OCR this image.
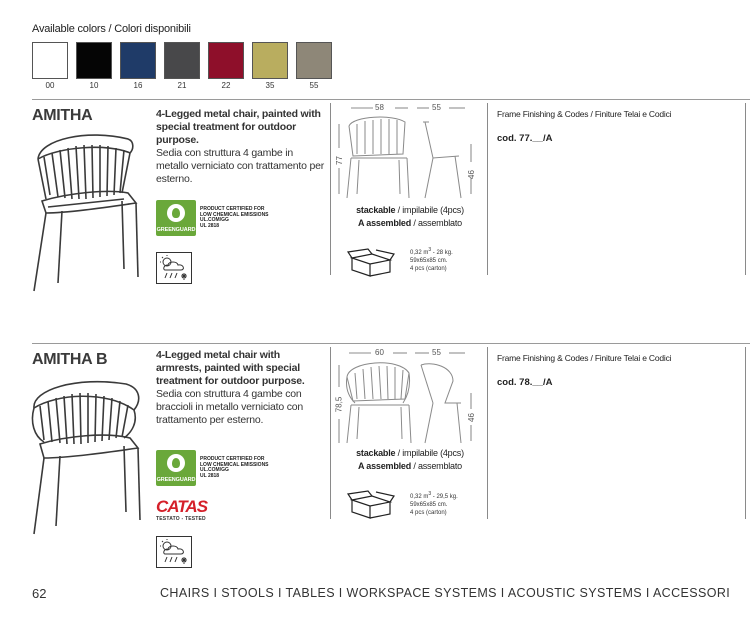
Available colors / Colori disponibili
00	10	16	21	22	35	55
AMITHA	4-Legged metal chair, painted with special treatment for outdoor purpose.
Sedia con struttura 4 gambe in metallo verniciato con trattamento per esterno.
GREENGUARD
PRODUCT CERTIFIED FOR
LOW CHEMICAL EMISSIONS
UL.COM/GG
UL 2818
58	55
77
46
stackable / impilabile (4pcs)
A assembled / assemblato
0,32 $m^3 - 28$ kg.
59x65x85 cm.
4 pcs (carton)
Frame Finishing & Codes / Finiture Telai e Codici
cod. 77.__/A
AMITHA B	4-Legged metal chair with armrests, painted with special treatment for outdoor purpose.
Sedia con struttura 4 gambe con braccioli in metallo verniciato con trattamento per esterno.
GREENGUARD
PRODUCT CERTIFIED FOR
LOW CHEMICAL EMISSIONS
UL.COM/GG
UL 2818
CATAS
TESTATO - TESTED
60	55
78,5
46
stackable / impilabile (4pcs)
A assembled / assemblato
0,32 $m^3 - 29,5$ kg.
59x65x85 cm.
4 pcs (carton)
Frame Finishing & Codes / Finiture Telai e Codici
cod. 78.__/A
62	CHAIRS I STOOLS I TABLES I WORKSPACE SYSTEMS I ACOUSTIC SYSTEMS I ACCESSORI
